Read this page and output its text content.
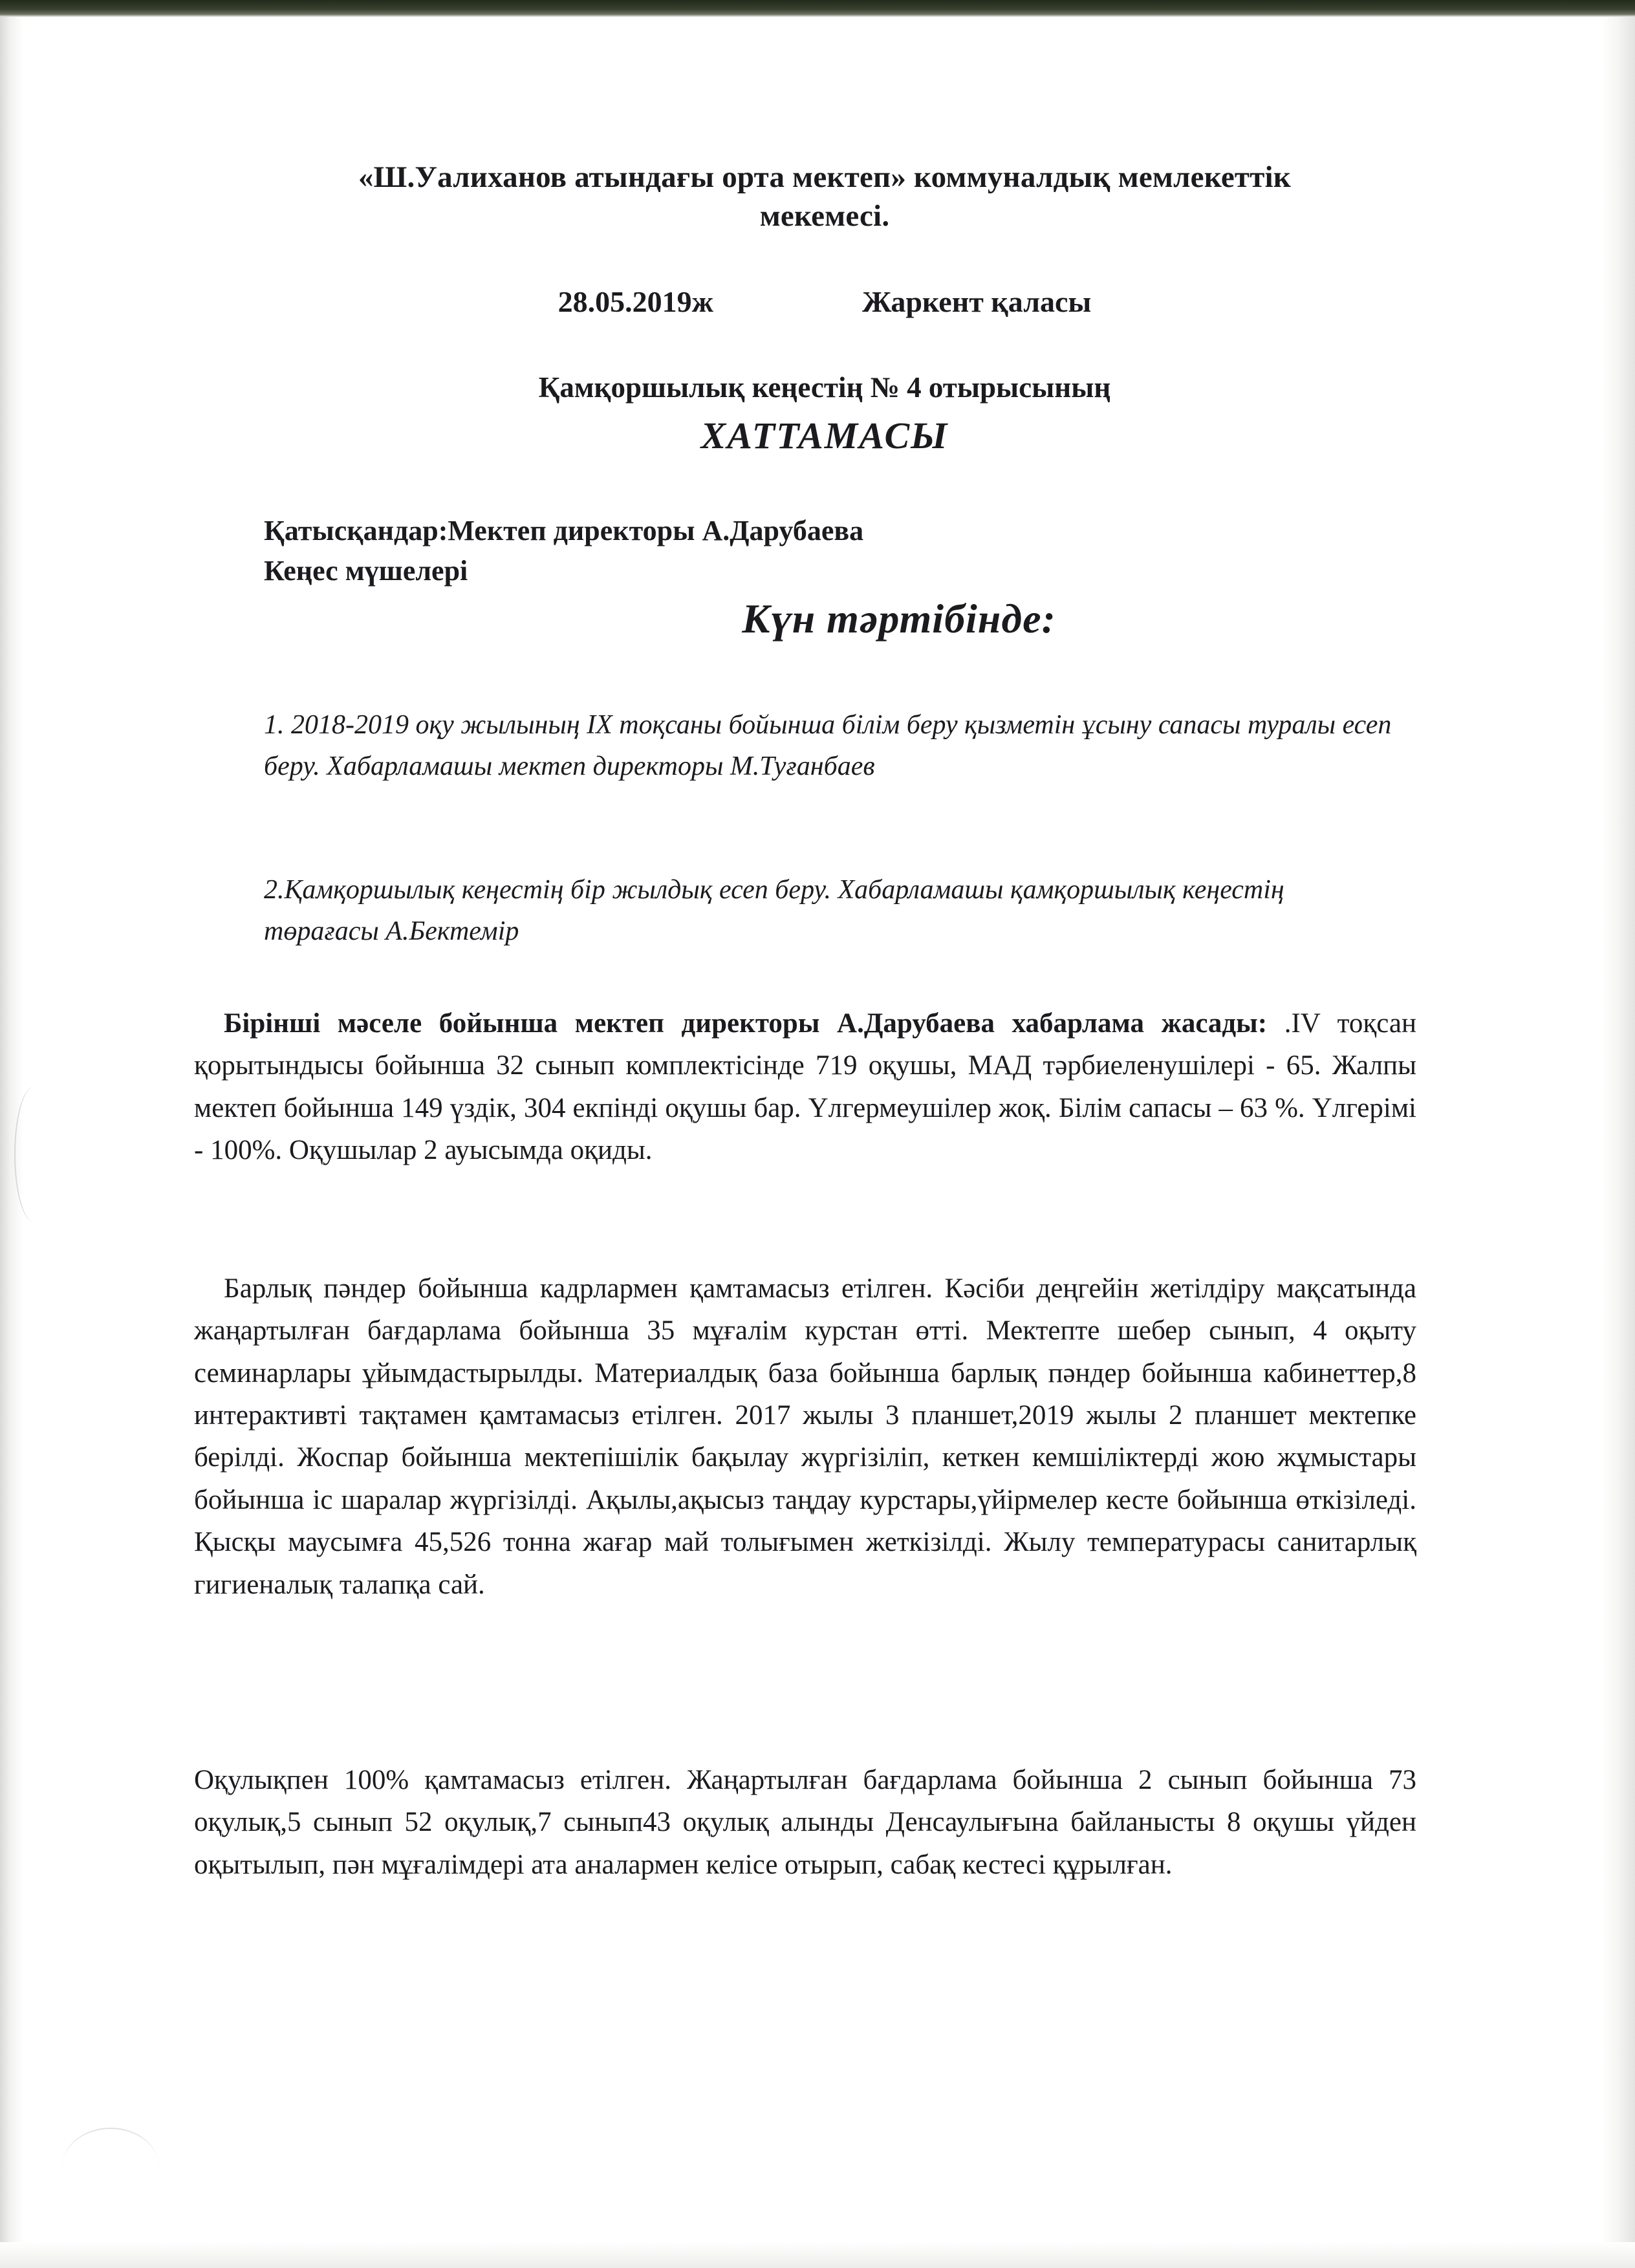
«Ш.Уалиханов атындағы орта мектеп» коммуналдық мемлекеттік
мекемесі.
28.05.2019ж	Жаркент қаласы
Қамқоршылық кеңестің № 4 отырысының
ХАТТАМАСЫ
Қатысқандар:Мектеп директоры А.Дарубаева
Кеңес мүшелері
Күн тәртібінде:
1. 2018-2019 оқу жылының IX тоқсаны бойынша білім беру қызметін ұсыну сапасы туралы есеп беру. Хабарламашы мектеп директоры М.Туғанбаев
2.Қамқоршылық кеңестің бір жылдық есеп беру. Хабарламашы қамқоршылық кеңестің төрағасы А.Бектемір
Бірінші мәселе бойынша мектеп директоры А.Дарубаева хабарлама жасады: .IV тоқсан қорытындысы бойынша 32 сынып комплектісінде 719 оқушы, МАД тәрбиеленушілері - 65. Жалпы мектеп бойынша 149 үздік, 304 екпінді оқушы бар. Үлгермеушілер жоқ. Білім сапасы – 63 %. Үлгерімі - 100%. Оқушылар 2 ауысымда оқиды.
Барлық пәндер бойынша кадрлармен қамтамасыз етілген. Кәсіби деңгейін жетілдіру мақсатында жаңартылған бағдарлама бойынша 35 мұғалім курстан өтті. Мектепте шебер сынып, 4 оқыту семинарлары ұйымдастырылды. Материалдық база бойынша барлық пәндер бойынша кабинеттер,8 интерактивті тақтамен қамтамасыз етілген. 2017 жылы 3 планшет,2019 жылы 2 планшет мектепке берілді. Жоспар бойынша мектепішілік бақылау жүргізіліп, кеткен кемшіліктерді жою жұмыстары бойынша іс шаралар жүргізілді. Ақылы,ақысыз таңдау курстары,үйірмелер кесте бойынша өткізіледі. Қысқы маусымға 45,526 тонна жағар май толығымен жеткізілді. Жылу температурасы санитарлық гигиеналық талапқа сай.
Оқулықпен 100% қамтамасыз етілген. Жаңартылған бағдарлама бойынша 2 сынып бойынша 73 оқулық,5 сынып 52 оқулық,7 сынып43 оқулық алынды Денсаулығына байланысты 8 оқушы үйден оқытылып, пән мұғалімдері ата аналармен келісе отырып, сабақ кестесі құрылған.
